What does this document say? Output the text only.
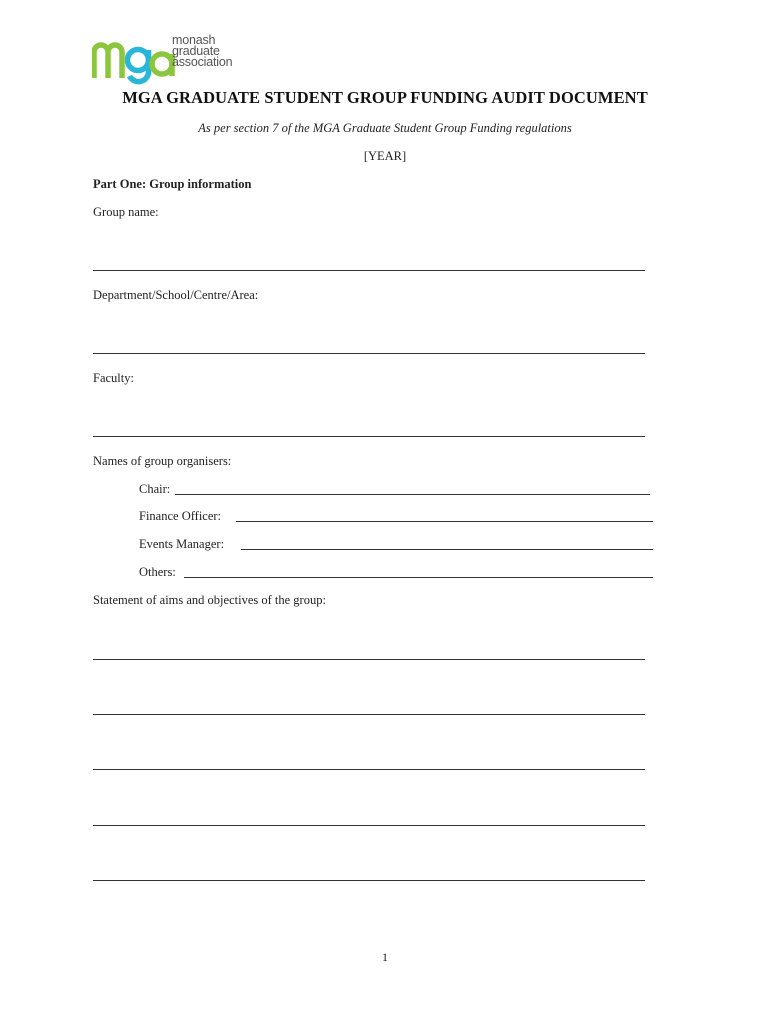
monash
graduate
association
MGA GRADUATE STUDENT GROUP FUNDING AUDIT DOCUMENT
As per section 7 of the MGA Graduate Student Group Funding regulations
[YEAR]
Part One: Group information
Group name:
Department/School/Centre/Area:
Faculty:
Names of group organisers:
Chair:
Finance Officer:
Events Manager:
Others:
Statement of aims and objectives of the group:
1
